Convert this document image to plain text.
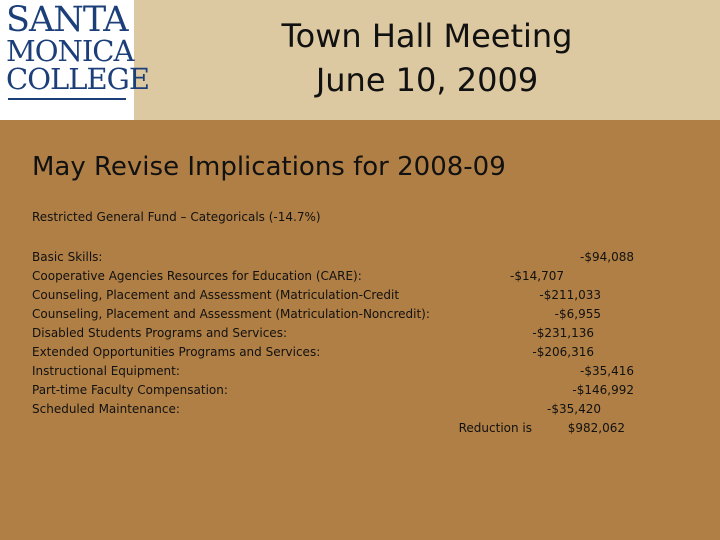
SANTA
MONICA
COLLEGE
Town Hall Meeting
June 10, 2009
May Revise Implications for 2008-09
Restricted General Fund – Categoricals (-14.7%)
Basic Skills:
Cooperative Agencies Resources for Education (CARE):
Counseling, Placement and Assessment (Matriculation-Credit
Counseling, Placement and Assessment (Matriculation-Noncredit):
Disabled Students Programs and Services:
Extended Opportunities Programs and Services:
Instructional Equipment:
Part-time Faculty Compensation:
Scheduled Maintenance:
-$94,088
-$14,707
-$211,033
-$6,955
-$231,136
-$206,316
-$35,416
-$146,992
-$35,420
Reduction is	$982,062
